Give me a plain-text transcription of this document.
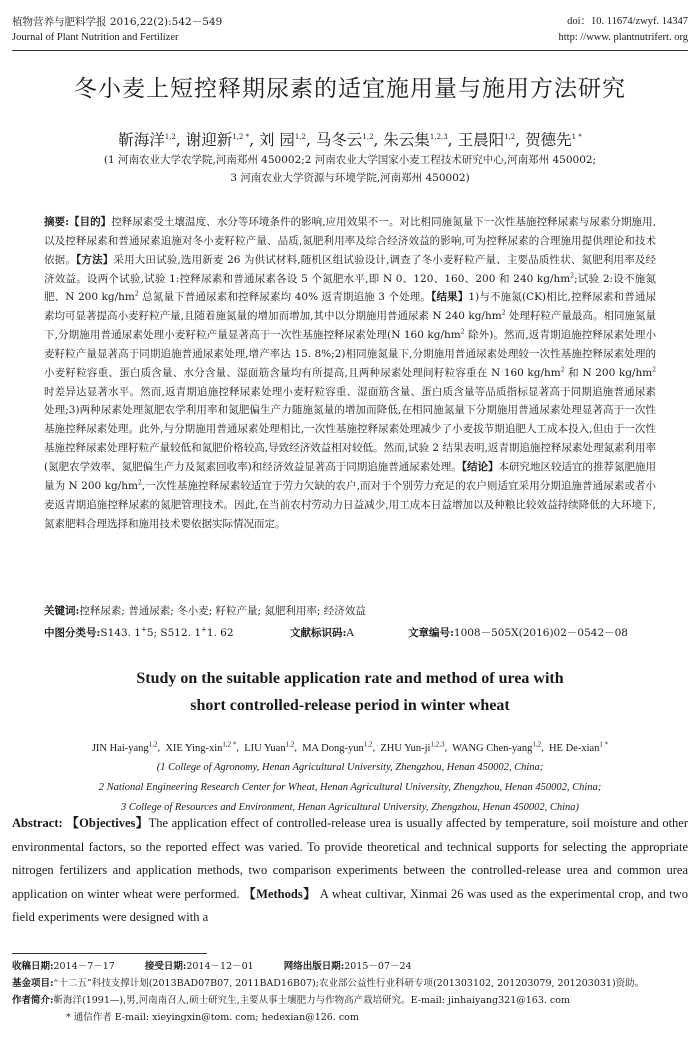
植物营养与肥料学报 2016,22(2):542－549
Journal of Plant Nutrition and Fertilizer
doi：10. 11674/zwyf. 14347
http: //www. plantnutrifert. org
冬小麦上短控释期尿素的适宜施用量与施用方法研究
靳海洋$^{1,2}$, 谢迎新$^{1,2 *}$, 刘 园$^{1,2}$, 马冬云$^{1,2}$, 朱云集$^{1,2,3}$, 王晨阳$^{1,2}$, 贺德先$^{1 *}$
(1 河南农业大学农学院,河南郑州 450002;2 河南农业大学国家小麦工程技术研究中心,河南郑州 450002;
3 河南农业大学资源与环境学院,河南郑州 450002)

摘要:【目的】控释尿素受土壤温度、水分等环境条件的影响,应用效果不一。对比相同施氮量下一次性基施控释尿素与尿素分期施用,以及控释尿素和普通尿素追施对冬小麦籽粒产量、品质,氮肥利用率及综合经济效益的影响,可为控释尿素的合理施用提供理论和技术依据。【方法】采用大田试验,选用新麦 26 为供试材料,随机区组试验设计,调查了冬小麦籽粒产量、主要品质性状、氮肥利用率及经济效益。设两个试验,试验 1:控释尿素和普通尿素各设 5 个氮肥水平,即 N 0、120、160、200 和 240 $kg/hm^2$;试验 2:设不施氮肥、N 200 $kg/hm^2$ 总氮量下普通尿素和控释尿素均 40% 返青期追施 3 个处理。【结果】1)与不施氮(CK)相比,控释尿素和普通尿素均可显著提高小麦籽粒产量,且随着施氮量的增加而增加,其中以分期施用普通尿素 N 240 $kg/hm^2$ 处理籽粒产量最高。相同施氮量下,分期施用普通尿素处理小麦籽粒产量显著高于一次性基施控释尿素处理(N 160 $kg/hm^2$ 除外)。然而,返青期追施控释尿素处理小麦籽粒产量显著高于同期追施普通尿素处理,增产率达 15. 8%;2)相同施氮量下,分期施用普通尿素处理较一次性基施控释尿素处理的小麦籽粒容重、蛋白质含量、水分含量、湿面筋含量均有所提高,且两种尿素处理间籽粒容重在 N 160 $kg/hm^2$ 和 N 200 $kg/hm^2$ 时差异达显著水平。然而,返青期追施控释尿素处理小麦籽粒容重、湿面筋含量、蛋白质含量等品质指标显著高于同期追施普通尿素处理;3)两种尿素处理氮肥农学利用率和氮肥偏生产力随施氮量的增加而降低,在相同施氮量下分期施用普通尿素处理显著高于一次性基施控释尿素处理。此外,与分期施用普通尿素处理相比,一次性基施控释尿素处理减少了小麦拔节期追肥人工成本投入,但由于一次性基施控释尿素处理籽粒产量较低和氮肥价格较高,导致经济效益相对较低。然而,试验 2 结果表明,返青期追施控释尿素处理氮素利用率(氮肥农学效率、氮肥偏生产力及氮素回收率)和经济效益显著高于同期追施普通尿素处理。【结论】本研究地区较适宜的推荐氮肥施用量为 N 200 $kg/hm^2$,一次性基施控释尿素较适宜于劳力欠缺的农户,而对于个别劳力充足的农户则适宜采用分期追施普通尿素或者小麦返青期追施控释尿素的氮肥管理技术。因此,在当前农村劳动力日益减少,用工成本日益增加以及种粮比较效益持续降低的大环境下,氮素肥料合理选择和施用技术要依据实际情况而定。

关键词:控释尿素; 普通尿素; 冬小麦; 籽粒产量; 氮肥利用率; 经济效益
中图分类号:S143. 1+5; S512. 1+1. 62	文献标识码:A	文章编号:1008－505X(2016)02－0542－08
Study on the suitable application rate and method of urea with
short controlled-release period in winter wheat
JIN Hai-yang$^{1,2}$,  XIE Ying-xin$^{1,2 *}$,  LIU Yuan$^{1,2}$,  MA Dong-yun$^{1,2}$,  ZHU Yun-ji$^{1,2,3}$,  WANG Chen-yang$^{1,2}$,  HE De-xian$^{1 *}$
(1 College of Agronomy, Henan Agricultural University, Zhengzhou, Henan 450002, China;
2 National Engineering Research Center for Wheat, Henan Agricultural University, Zhengzhou, Henan 450002, China;
3 College of Resources and Environment, Henan Agricultural University, Zhengzhou, Henan 450002, China)

Abstract: 【Objectives】The application effect of controlled-release urea is usually affected by temperature, soil moisture and other environmental factors, so the reported effect was varied. To provide theoretical and technical supports for selecting the appropriate nitrogen fertilizers and application methods, two comparison experiments between the controlled-release urea and common urea application on winter wheat were performed. 【Methods】 A wheat cultivar, Xinmai 26 was used as the experimental crop, and two field experiments were designed with a

收稿日期:2014－7－17	接受日期:2014－12－01	网络出版日期:2015－07－24
基金项目:“十二五”科技支撑计划(2013BAD07B07, 2011BAD16B07);农业部公益性行业科研专项(201303102, 201203079, 201203031)资助。
作者简介:靳海洋(1991—),男,河南南召人,硕士研究生,主要从事土壤肥力与作物高产栽培研究。E-mail: jinhaiyang321@163. com
* 通信作者 E-mail: xieyingxin@tom. com; hedexian@126. com
